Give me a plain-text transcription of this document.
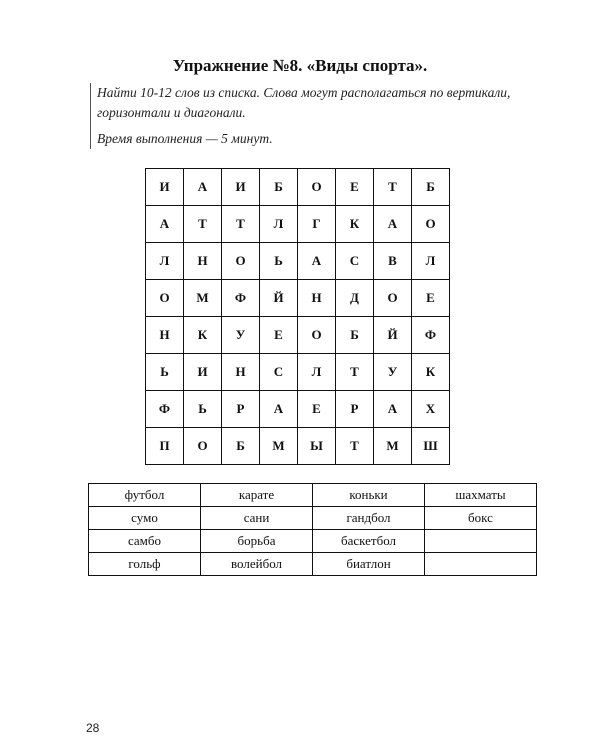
Упражнение №8. «Виды спорта».

Найти 10-12 слов из списка. Слова могут располагаться по вертикали, горизонтали и диагонали.

Время выполнения — 5 минут.

И	А	И	Б	О	Е	Т	Б
А	Т	Т	Л	Г	К	А	О
Л	Н	О	Ь	А	С	В	Л
О	М	Ф	Й	Н	Д	О	Е
Н	К	У	Е	О	Б	Й	Ф
Ь	И	Н	С	Л	Т	У	К
Ф	Ь	Р	А	Е	Р	А	Х
П	О	Б	М	Ы	Т	М	Ш
футбол	карате	коньки	шахматы
сумо	сани	гандбол	бокс
самбо	борьба	баскетбол	
гольф	волейбол	биатлон	
28
